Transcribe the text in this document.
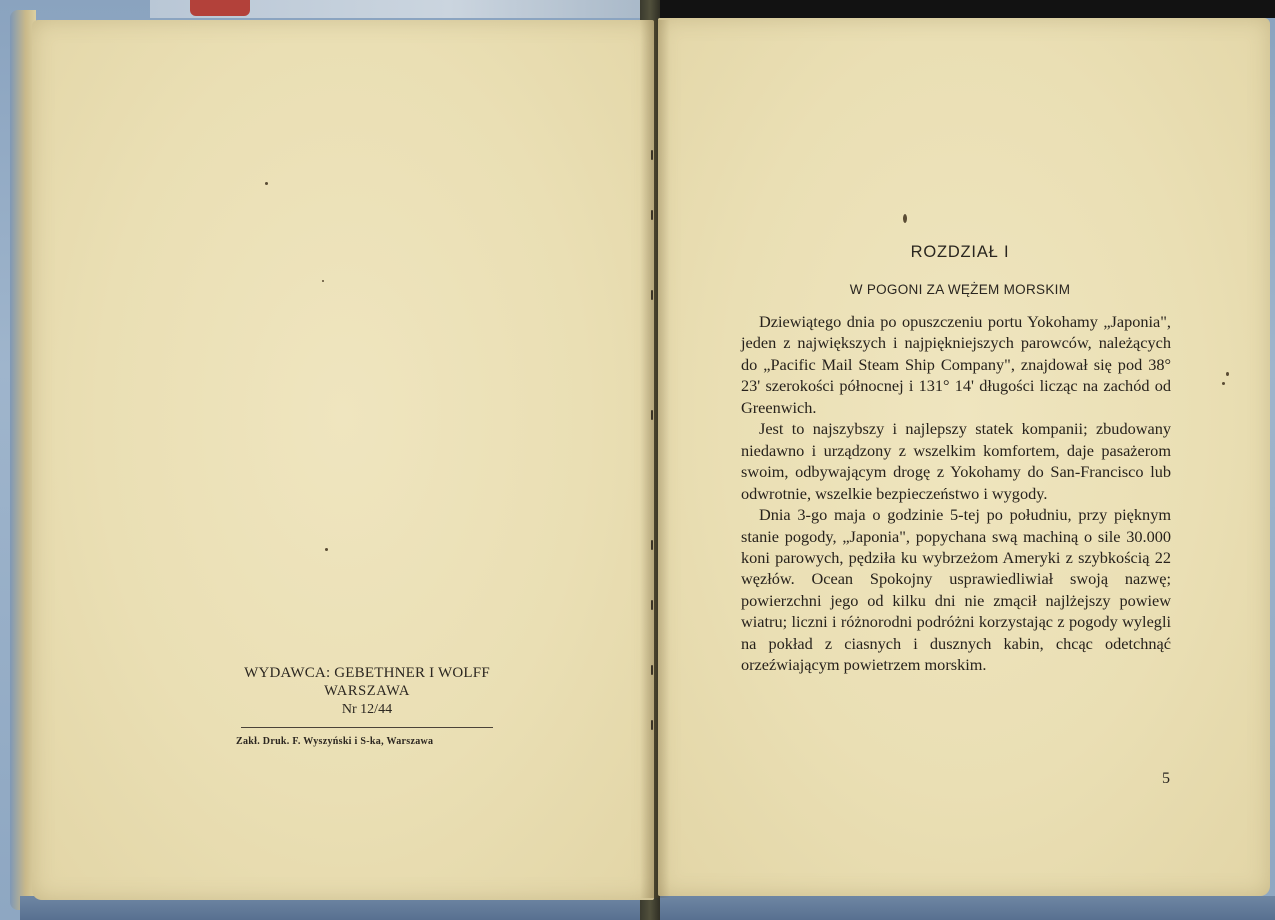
WYDAWCA: GEBETHNER I WOLFF
WARSZAWA
Nr 12/44
Zakł. Druk. F. Wyszyński i S-ka, Warszawa
ROZDZIAŁ I
W POGONI ZA WĘŻEM MORSKIM

Dziewiątego dnia po opuszczeniu portu Yokohamy „Japonia", jeden z największych i najpiękniejszych parowców, należących do „Pacific Mail Steam Ship Company", znajdował się pod 38° 23' szerokości północnej i 131° 14' długości licząc na zachód od Greenwich.

Jest to najszybszy i najlepszy statek kompanii; zbudowany niedawno i urządzony z wszelkim komfortem, daje pasażerom swoim, odbywającym drogę z Yokohamy do San-Francisco lub odwrotnie, wszelkie bezpieczeństwo i wygody.

Dnia 3-go maja o godzinie 5-tej po południu, przy pięknym stanie pogody, „Japonia", popychana swą machiną o sile 30.000 koni parowych, pędziła ku wybrzeżom Ameryki z szybkością 22 węzłów. Ocean Spokojny usprawiedliwiał swoją nazwę; powierzchni jego od kilku dni nie zmącił najlżejszy powiew wiatru; liczni i różnorodni podróżni korzystając z pogody wylegli na pokład z ciasnych i dusznych kabin, chcąc odetchnąć orzeźwiającym powietrzem morskim.

5
